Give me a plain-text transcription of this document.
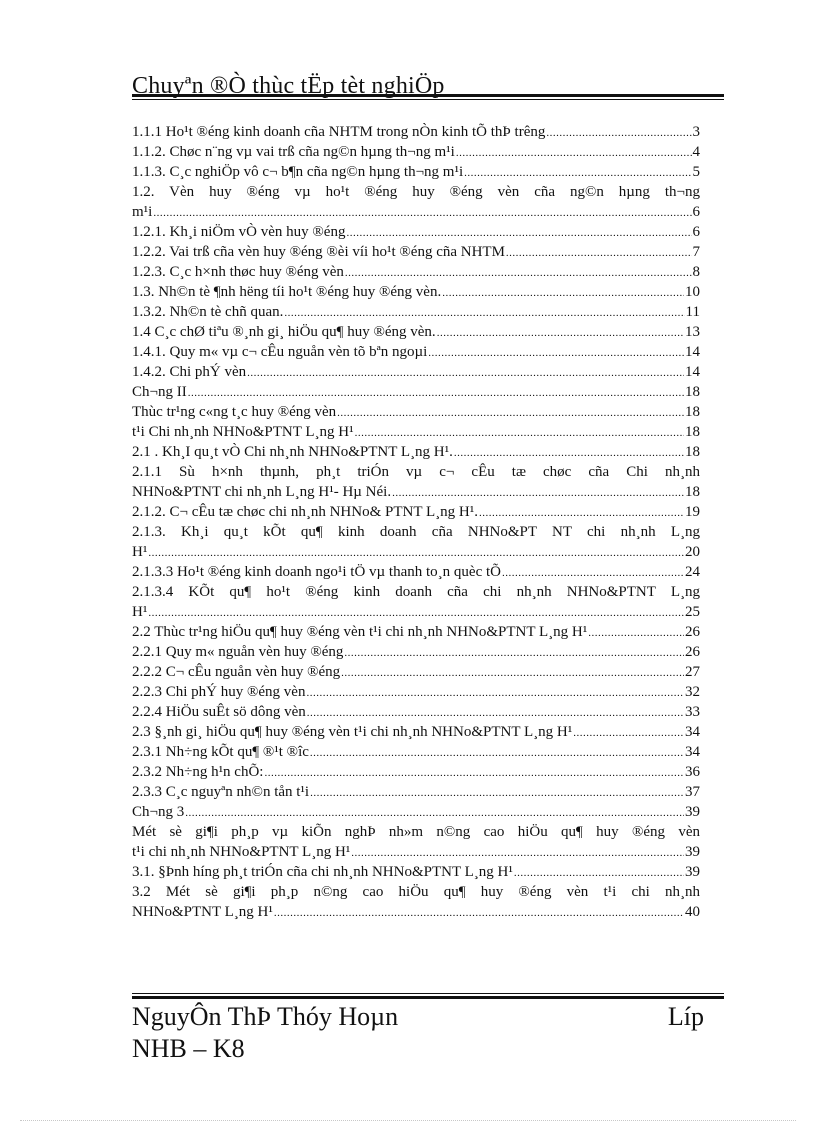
Chuyªn ®Ò thùc tËp tèt nghiÖp
1.1.1 Ho¹t ®éng kinh doanh cña NHTM trong nÒn kinh tÕ thÞ trêng .....	3
1.1.2. Chøc n¨ng vµ vai trß cña ng©n hµng th¬ng m¹i .....	4
1.1.3. C¸c nghiÖp vô c¬ b¶n cña ng©n hµng th¬ng m¹i .....	5
1.2. Vèn huy ®éng vµ ho¹t ®éng huy ®éng vèn cña ng©n hµng th¬ng
m¹i .....	6
1.2.1. Kh¸i niÖm vÒ vèn huy ®éng .....	6
1.2.2. Vai trß cña vèn huy ®éng ®èi víi ho¹t ®éng cña NHTM .....	7
1.2.3. C¸c h×nh thøc huy ®éng vèn .....	8
1.3. Nh©n tè ¶nh hëng tíi ho¹t ®éng huy ®éng vèn. .....	10
1.3.2. Nh©n tè chñ quan. .....	11
1.4 C¸c chØ tiªu ®¸nh gi¸ hiÖu qu¶ huy ®éng vèn. .....	13
1.4.1. Quy m« vµ c¬ cÊu nguån vèn tõ bªn ngoµi .....	14
1.4.2. Chi phÝ vèn .....	14
Ch¬ng II .....	18
Thùc tr¹ng c«ng t¸c huy ®éng vèn .....	18
t¹i Chi nh¸nh NHNo&PTNT L¸ng H¹ .....	18
2.1 . Kh¸I qu¸t vÒ Chi nh¸nh NHNo&PTNT L¸ng H¹. .....	18
2.1.1 Sù h×nh thµnh, ph¸t triÓn vµ c¬ cÊu tæ chøc cña Chi nh¸nh
NHNo&PTNT chi nh¸nh L¸ng H¹- Hµ Néi. .....	18
2.1.2. C¬ cÊu tæ chøc chi nh¸nh NHNo& PTNT L¸ng H¹. .....	19
2.1.3. Kh¸i qu¸t kÕt qu¶ kinh doanh cña NHNo&PT NT chi nh¸nh L¸ng
H¹ .....	20
2.1.3.3 Ho¹t ®éng kinh doanh ngo¹i tÖ vµ thanh to¸n quèc tÕ .....	24
2.1.3.4 KÕt qu¶ ho¹t ®éng kinh doanh cña chi nh¸nh NHNo&PTNT L¸ng
H¹ .....	25
2.2 Thùc tr¹ng hiÖu qu¶ huy ®éng vèn t¹i chi nh¸nh NHNo&PTNT L¸ng H¹ .....	26
2.2.1 Quy m« nguån vèn huy ®éng .....	26
2.2.2 C¬ cÊu nguån vèn huy ®éng .....	27
2.2.3 Chi phÝ huy ®éng vèn .....	32
2.2.4 HiÖu suÊt sö dông vèn .....	33
2.3 §¸nh gi¸ hiÖu qu¶ huy ®éng vèn t¹i chi nh¸nh NHNo&PTNT L¸ng H¹ .....	34
2.3.1 Nh÷ng kÕt qu¶ ®¹t ®îc .....	34
2.3.2 Nh÷ng h¹n chÕ: .....	36
2.3.3 C¸c nguyªn nh©n tån t¹i .....	37
Ch¬ng 3 .....	39
Mét sè gi¶i ph¸p vµ kiÕn nghÞ nh»m n©ng cao hiÖu qu¶ huy ®éng vèn
t¹i chi nh¸nh NHNo&PTNT L¸ng H¹ .....	39
3.1. §Þnh híng ph¸t triÓn cña chi nh¸nh NHNo&PTNT L¸ng H¹ .....	39
3.2 Mét sè gi¶i ph¸p n©ng cao hiÖu qu¶ huy ®éng vèn t¹i chi nh¸nh
NHNo&PTNT L¸ng H¹ .....	40
NguyÔn ThÞ Thóy Hoµn	Líp
NHB – K8
